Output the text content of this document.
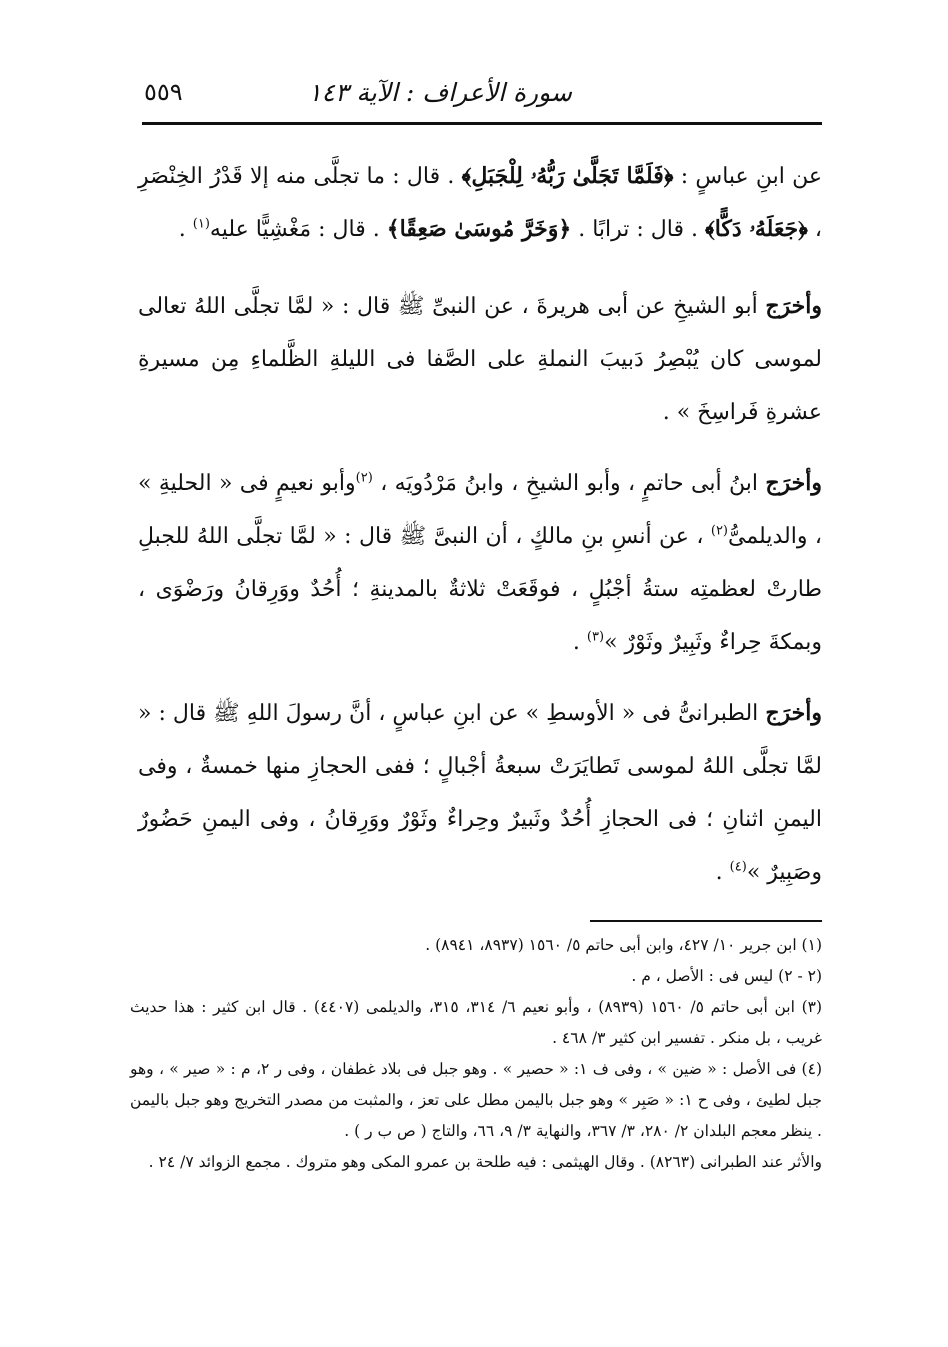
سورة الأعراف : الآية ١٤٣
٥٥٩

عن ابنِ عباسٍ : ﴿فَلَمَّا تَجَلَّىٰ رَبُّهُۥ لِلْجَبَلِ﴾ . قال : ما تجلَّى منه إلا قَدْرُ الخِنْصَرِ ، ﴿جَعَلَهُۥ دَكًّا﴾ . قال : ترابًا . ﴿وَخَرَّ مُوسَىٰ صَعِقًا﴾ . قال : مَغْشِيًّا عليه$^{(١)}$ .

وأخرَج أبو الشيخِ عن أبى هريرةَ ، عن النبىِّ ﷺ قال : « لمَّا تجلَّى اللهُ تعالى لموسى كان يُبْصِرُ دَبيبَ النملةِ على الصَّفا فى الليلةِ الظَّلماءِ مِن مسيرةِ عشرةِ فَراسِخَ » .

وأخرَج ابنُ أبى حاتمٍ ، وأبو الشيخِ ، وابنُ مَرْدُويَه ، $^{(٢)}$وأبو نعيمٍ فى « الحليةِ » ، والديلمىُّ$^{(٢)}$ ، عن أنسِ بنِ مالكٍ ، أن النبىَّ ﷺ قال : « لمَّا تجلَّى اللهُ للجبلِ طارتْ لعظمتِه ستةُ أجْبُلٍ ، فوقَعَتْ ثلاثةٌ بالمدينةِ ؛ أُحُدٌ ووَرِقانُ ورَضْوَى ، وبمكةَ حِراءٌ وثَبِيرٌ وثَوْرٌ »$^{(٣)}$ .

وأخرَج الطبرانىُّ فى « الأوسطِ » عن ابنِ عباسٍ ، أنَّ رسولَ اللهِ ﷺ قال : « لمَّا تجلَّى اللهُ لموسى تَطايَرَتْ سبعةُ أجْبالٍ ؛ ففى الحجازِ منها خمسةٌ ، وفى اليمنِ اثنانِ ؛ فى الحجازِ أُحُدٌ وثَبيرٌ وحِراءٌ وثَوْرٌ ووَرِقانُ ، وفى اليمنِ حَضُورٌ وصَبِيرٌ »$^{(٤)}$ .

(١) ابن جرير ١٠/ ٤٢٧، وابن أبى حاتم ٥/ ١٥٦٠ (٨٩٣٧، ٨٩٤١) .

(٢ - ٢) ليس فى : الأصل ، م .

(٣) ابن أبى حاتم ٥/ ١٥٦٠ (٨٩٣٩) ، وأبو نعيم ٦/ ٣١٤، ٣١٥، والديلمى (٤٤٠٧) . قال ابن كثير : هذا حديث غريب ، بل منكر . تفسير ابن كثير ٣/ ٤٦٨ .

(٤) فى الأصل : « ضين » ، وفى ف ١: « حصير » . وهو جبل فى بلاد غطفان ، وفى ر ٢، م : « صير » ، وهو جبل لطيئ ، وفى ح ١: « صَبِر » وهو جبل باليمن مطل على تعز ، والمثبت من مصدر التخريج وهو جبل باليمن . ينظر معجم البلدان ٢/ ٢٨٠، ٣/ ٣٦٧، والنهاية ٣/ ٩، ٦٦، والتاج ( ص ب ر ) .

والأثر عند الطبرانى (٨٢٦٣) . وقال الهيثمى : فيه طلحة بن عمرو المكى وهو متروك . مجمع الزوائد ٧/ ٢٤ .
